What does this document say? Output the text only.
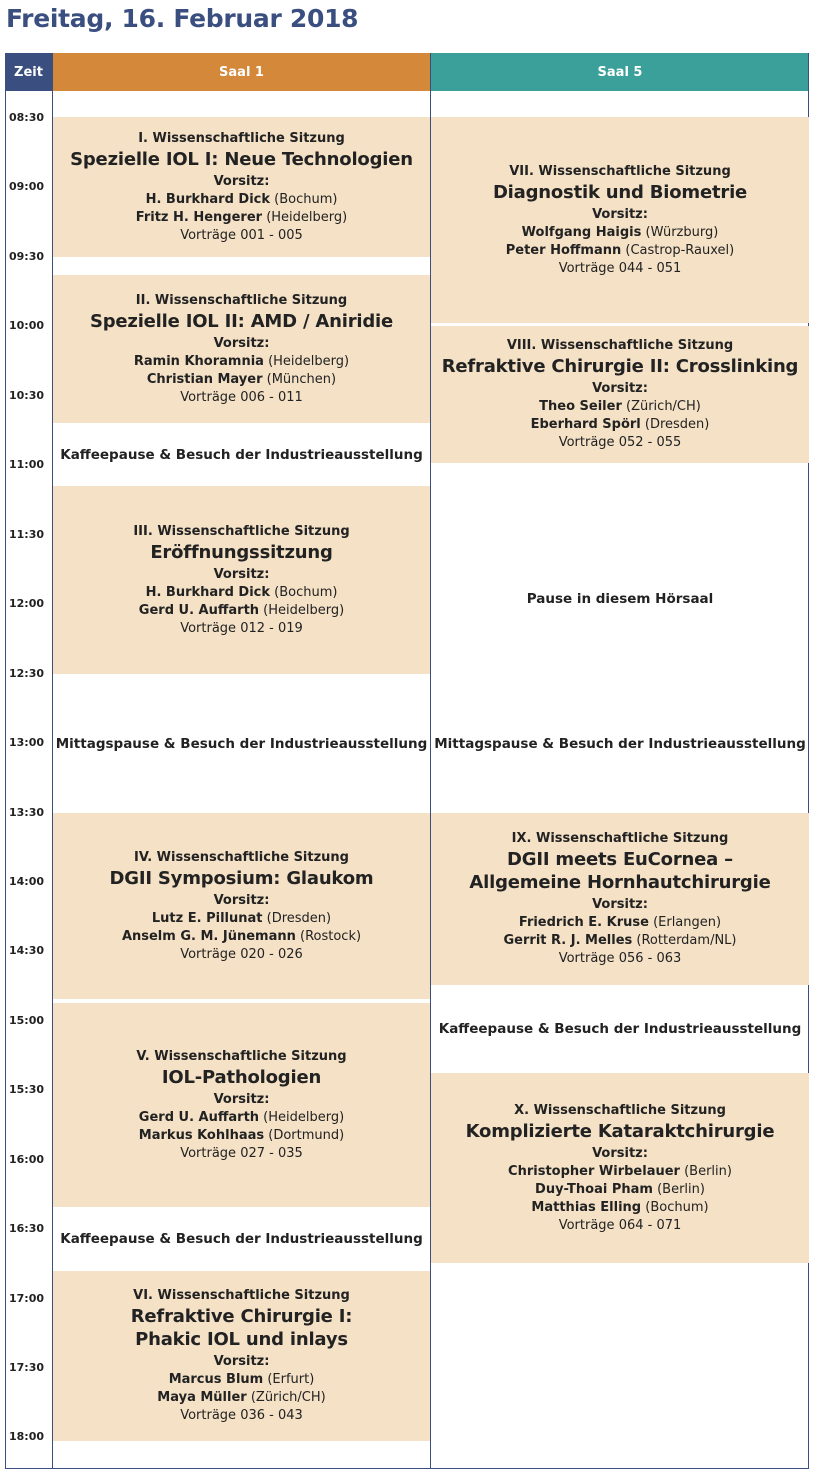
Freitag, 16. Februar 2018
Zeit	Saal 1	Saal 5
08:30
09:00
09:30
10:00
10:30
11:00
11:30
12:00
12:30
13:00
13:30
14:00
14:30
15:00
15:30
16:00
16:30
17:00
17:30
18:00
I. Wissenschaftliche Sitzung
Spezielle IOL I: Neue Technologien
Vorsitz:
H. Burkhard Dick (Bochum)
Fritz H. Hengerer (Heidelberg)
Vorträge 001 - 005
II. Wissenschaftliche Sitzung
Spezielle IOL II: AMD / Aniridie
Vorsitz:
Ramin Khoramnia (Heidelberg)
Christian Mayer (München)
Vorträge 006 - 011
Kaffeepause & Besuch der Industrieausstellung
III. Wissenschaftliche Sitzung
Eröffnungssitzung
Vorsitz:
H. Burkhard Dick (Bochum)
Gerd U. Auffarth (Heidelberg)
Vorträge 012 - 019
Mittagspause & Besuch der Industrieausstellung
IV. Wissenschaftliche Sitzung
DGII Symposium: Glaukom
Vorsitz:
Lutz E. Pillunat (Dresden)
Anselm G. M. Jünemann (Rostock)
Vorträge 020 - 026
V. Wissenschaftliche Sitzung
IOL-Pathologien
Vorsitz:
Gerd U. Auffarth (Heidelberg)
Markus Kohlhaas (Dortmund)
Vorträge 027 - 035
Kaffeepause & Besuch der Industrieausstellung
VI. Wissenschaftliche Sitzung
Refraktive Chirurgie I:
Phakic IOL und inlays
Vorsitz:
Marcus Blum (Erfurt)
Maya Müller (Zürich/CH)
Vorträge 036 - 043
VII. Wissenschaftliche Sitzung
Diagnostik und Biometrie
Vorsitz:
Wolfgang Haigis (Würzburg)
Peter Hoffmann (Castrop-Rauxel)
Vorträge 044 - 051
VIII. Wissenschaftliche Sitzung
Refraktive Chirurgie II: Crosslinking
Vorsitz:
Theo Seiler (Zürich/CH)
Eberhard Spörl (Dresden)
Vorträge 052 - 055
Pause in diesem Hörsaal
Mittagspause & Besuch der Industrieausstellung
IX. Wissenschaftliche Sitzung
DGII meets EuCornea –
Allgemeine Hornhautchirurgie
Vorsitz:
Friedrich E. Kruse (Erlangen)
Gerrit R. J. Melles (Rotterdam/NL)
Vorträge 056 - 063
Kaffeepause & Besuch der Industrieausstellung
X. Wissenschaftliche Sitzung
Komplizierte Kataraktchirurgie
Vorsitz:
Christopher Wirbelauer (Berlin)
Duy-Thoai Pham (Berlin)
Matthias Elling (Bochum)
Vorträge 064 - 071
